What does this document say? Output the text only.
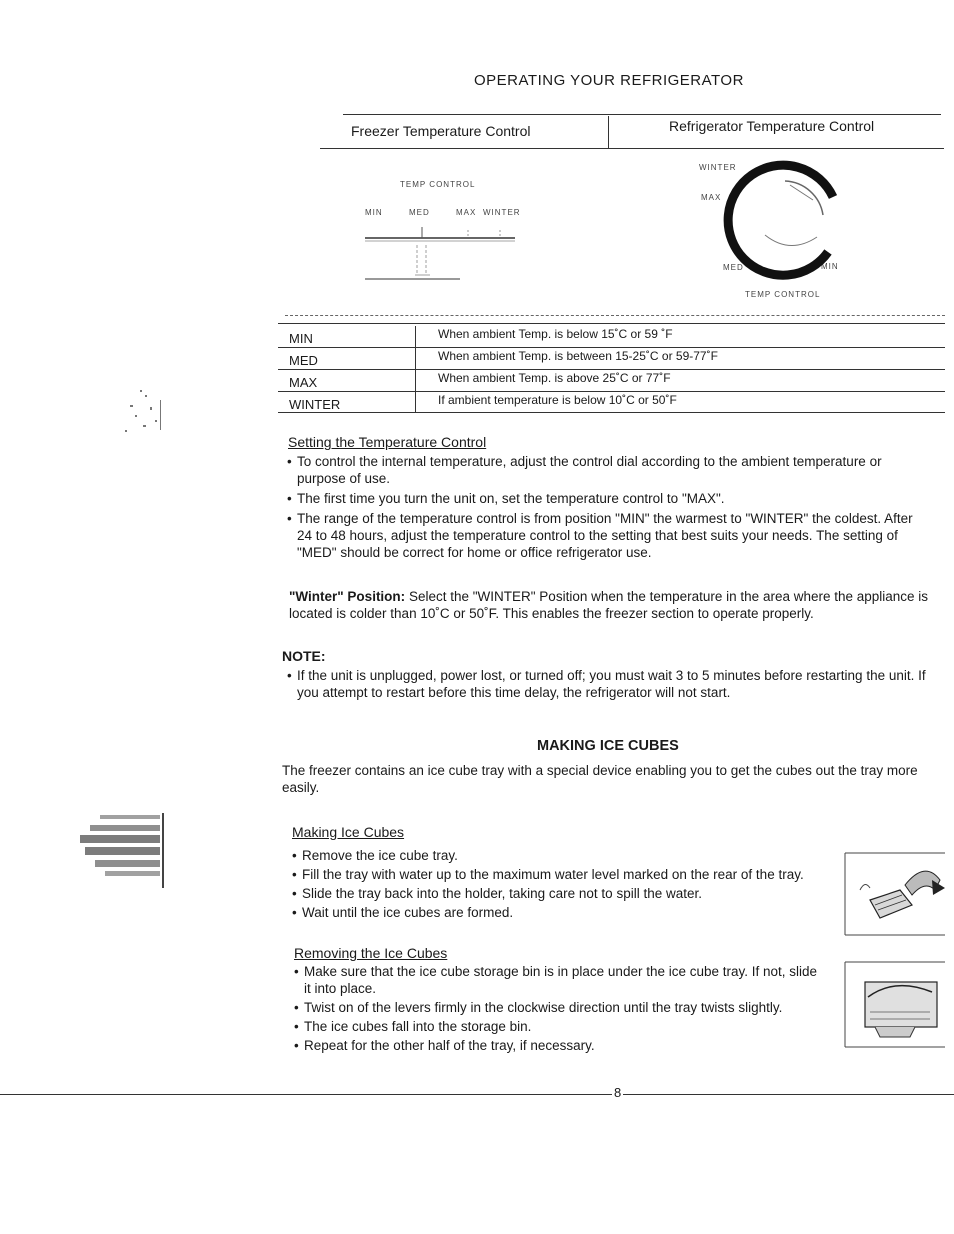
OPERATING YOUR REFRIGERATOR
Freezer Temperature Control	Refrigerator Temperature Control
TEMP CONTROL
MIN	MED	MAX WINTER
WINTER
MAX
MED	MIN
TEMP CONTROL
MIN	When ambient Temp. is below 15˚C or 59 ˚F
MED	When ambient Temp. is between 15-25˚C or 59-77˚F
MAX	When ambient Temp. is above 25˚C or 77˚F
WINTER	If ambient temperature is below 10˚C or 50˚F
Setting the Temperature Control
• To control the internal temperature, adjust the control dial according to the ambient temperature or purpose of use.
• The first time you turn the unit on, set the temperature control to "MAX".
• The range of the temperature control is from position "MIN" the warmest to "WINTER" the coldest. After 24 to 48 hours, adjust the temperature control to the setting that best suits your needs. The setting of "MED" should be correct for home or office refrigerator use.
"Winter" Position: Select the "WINTER" Position when the temperature in the area where the appliance is located is colder than 10˚C or 50˚F. This enables the freezer section to operate properly.
NOTE:
• If the unit is unplugged, power lost, or turned off; you must wait 3 to 5 minutes before restarting the unit. If you attempt to restart before this time delay, the refrigerator will not start.
MAKING ICE CUBES
The freezer contains an ice cube tray with a special device enabling you to get the cubes out the tray more easily.
Making Ice Cubes
• Remove the ice cube tray.
• Fill the tray with water up to the maximum water level marked on the rear of the tray.
• Slide the tray back into the holder, taking care not to spill the water.
• Wait until the ice cubes are formed.
Removing the Ice Cubes
• Make sure that the ice cube storage bin is in place under the ice cube tray. If not, slide it into place.
• Twist on of the levers firmly in the clockwise direction until the tray twists slightly.
• The ice cubes fall into the storage bin.
• Repeat for the other half of the tray, if necessary.
8
